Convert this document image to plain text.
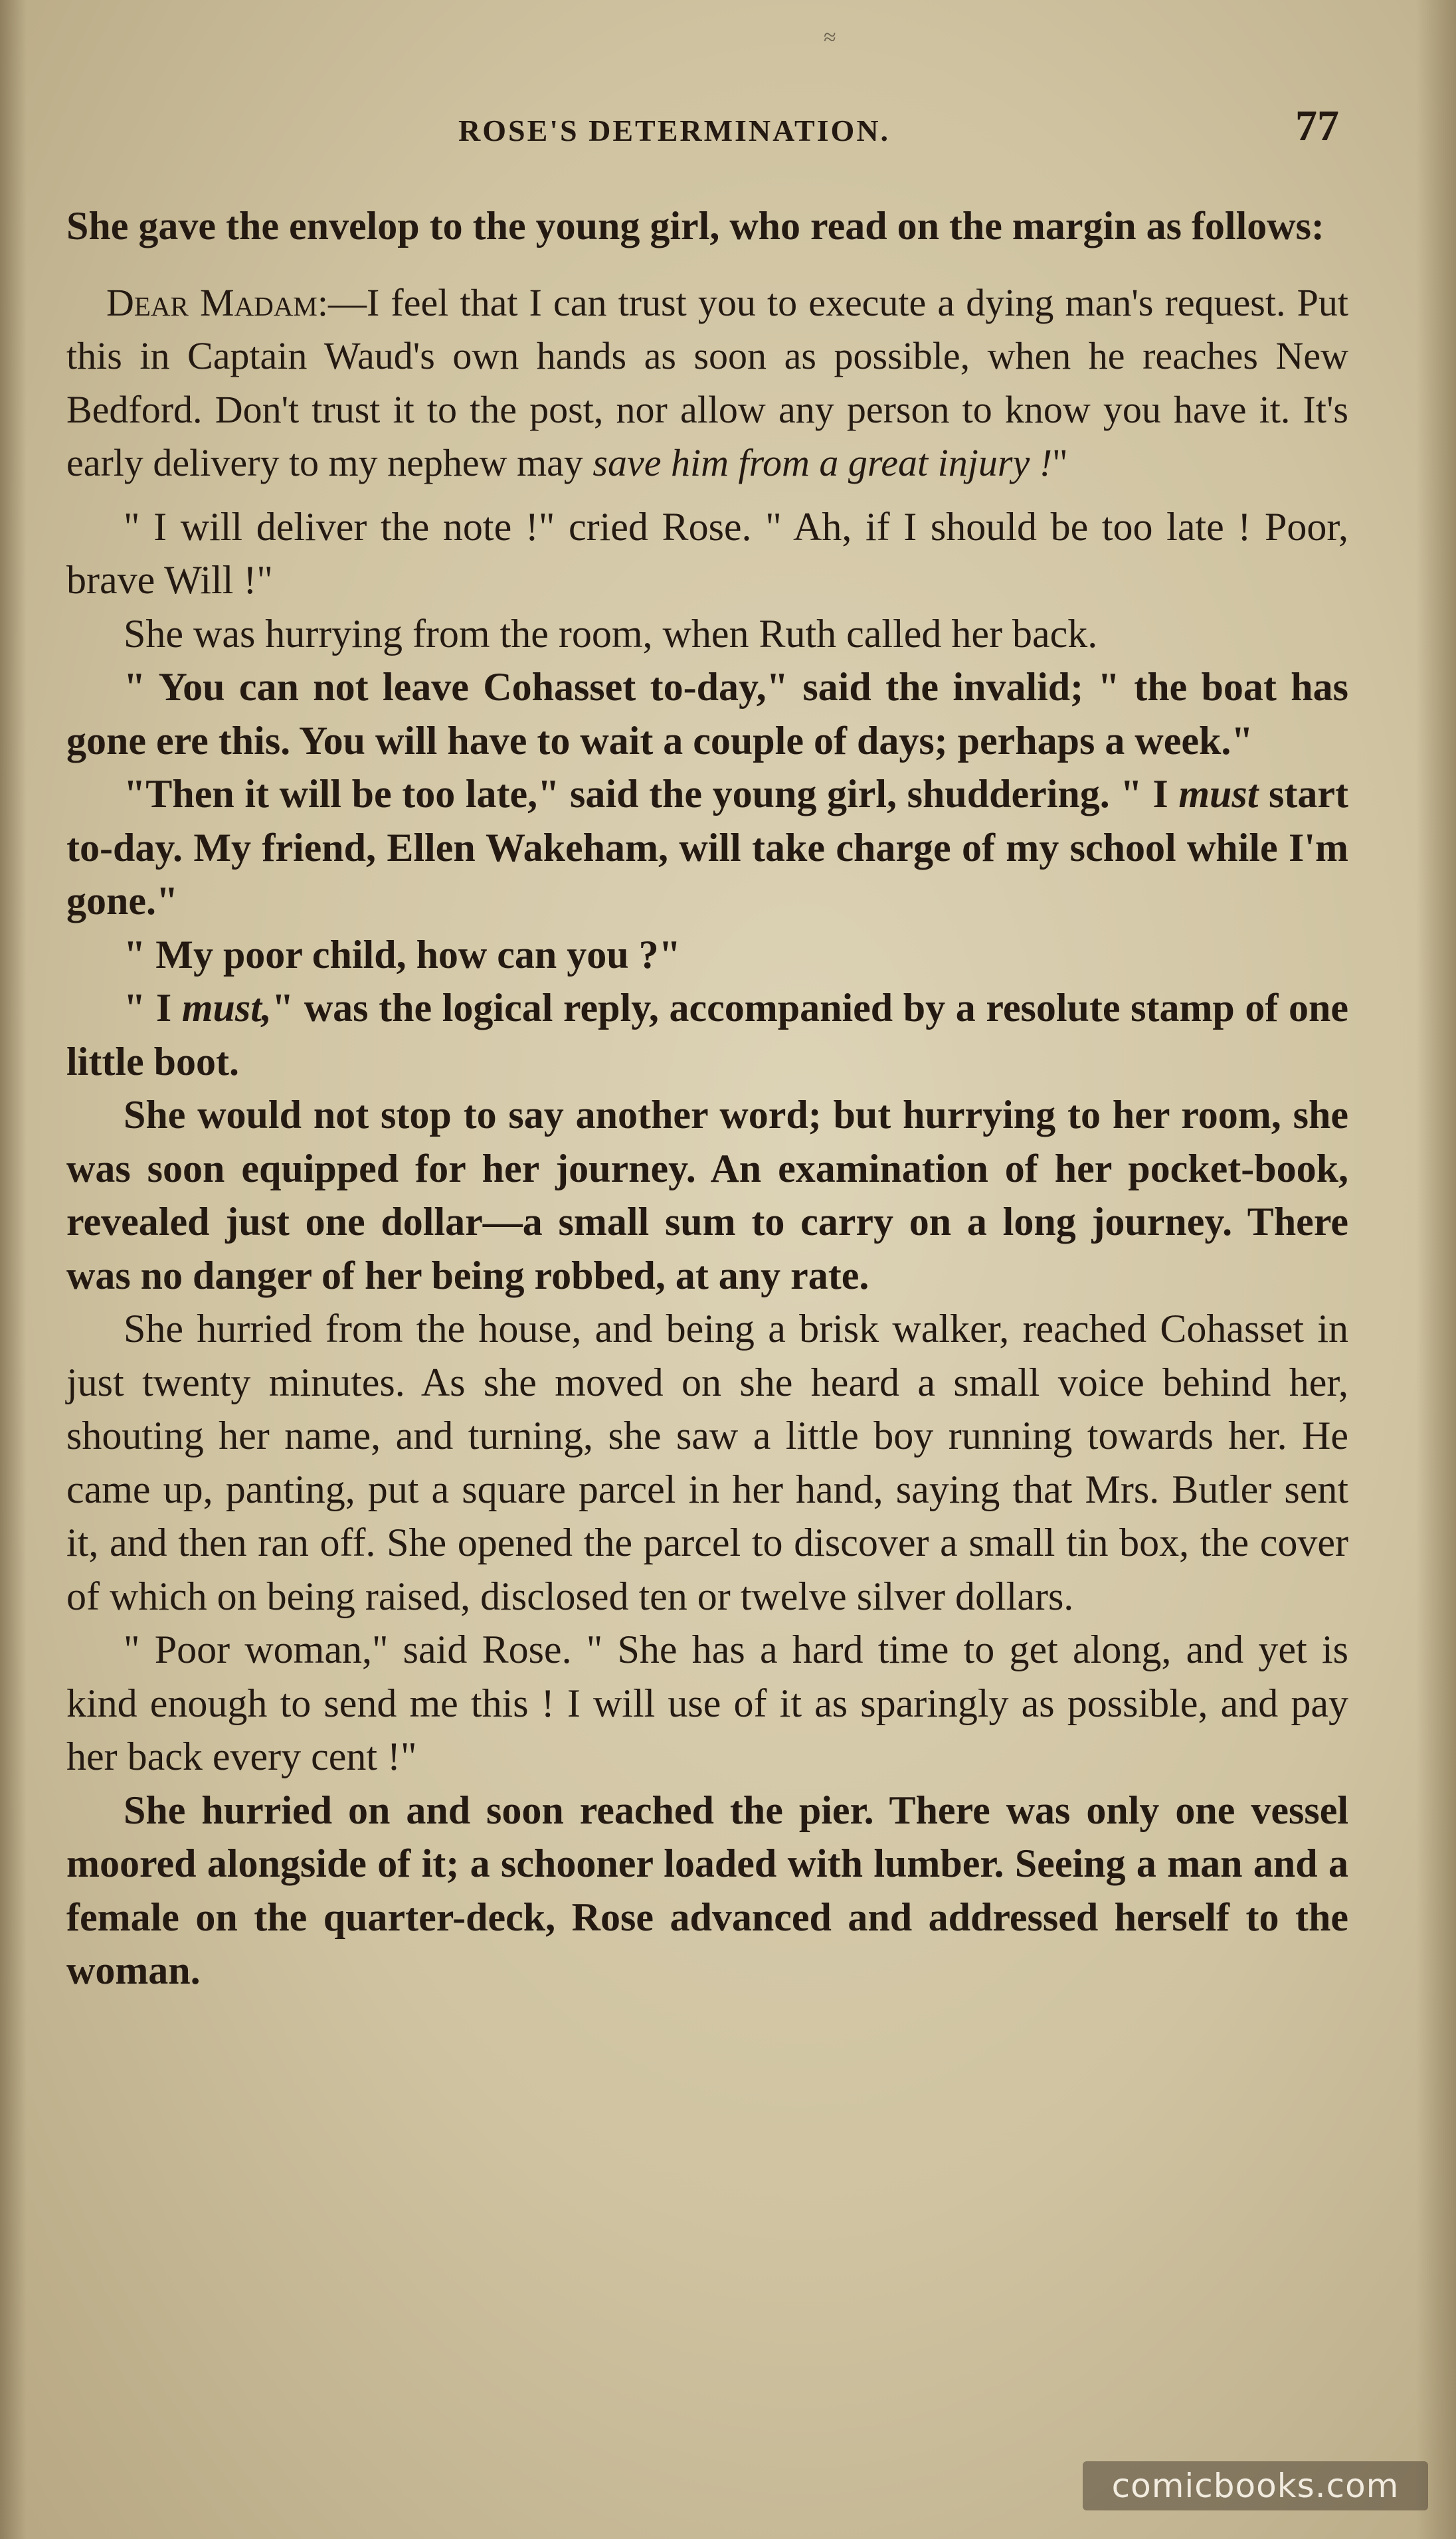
≈
ROSE'S DETERMINATION.	77

She gave the envelop to the young girl, who read on the margin as follows:

Dear Madam:—I feel that I can trust you to execute a dying man's request. Put this in Captain Waud's own hands as soon as possible, when he reaches New Bedford. Don't trust it to the post, nor allow any person to know you have it. It's early delivery to my nephew may save him from a great injury !"

" I will deliver the note !" cried Rose. " Ah, if I should be too late ! Poor, brave Will !"

She was hurrying from the room, when Ruth called her back.

" You can not leave Cohasset to-day," said the invalid; " the boat has gone ere this. You will have to wait a couple of days; perhaps a week."

"Then it will be too late," said the young girl, shuddering. " I must start to-day. My friend, Ellen Wakeham, will take charge of my school while I'm gone."

" My poor child, how can you ?"

" I must," was the logical reply, accompanied by a resolute stamp of one little boot.

She would not stop to say another word; but hurrying to her room, she was soon equipped for her journey. An examination of her pocket-book, revealed just one dollar—a small sum to carry on a long journey. There was no danger of her being robbed, at any rate.

She hurried from the house, and being a brisk walker, reached Cohasset in just twenty minutes. As she moved on she heard a small voice behind her, shouting her name, and turning, she saw a little boy running towards her. He came up, panting, put a square parcel in her hand, saying that Mrs. Butler sent it, and then ran off. She opened the parcel to discover a small tin box, the cover of which on being raised, disclosed ten or twelve silver dollars.

" Poor woman," said Rose. " She has a hard time to get along, and yet is kind enough to send me this ! I will use of it as sparingly as possible, and pay her back every cent !"

She hurried on and soon reached the pier. There was only one vessel moored alongside of it; a schooner loaded with lumber. Seeing a man and a female on the quarter-deck, Rose advanced and addressed herself to the woman.

comicbooks.com
